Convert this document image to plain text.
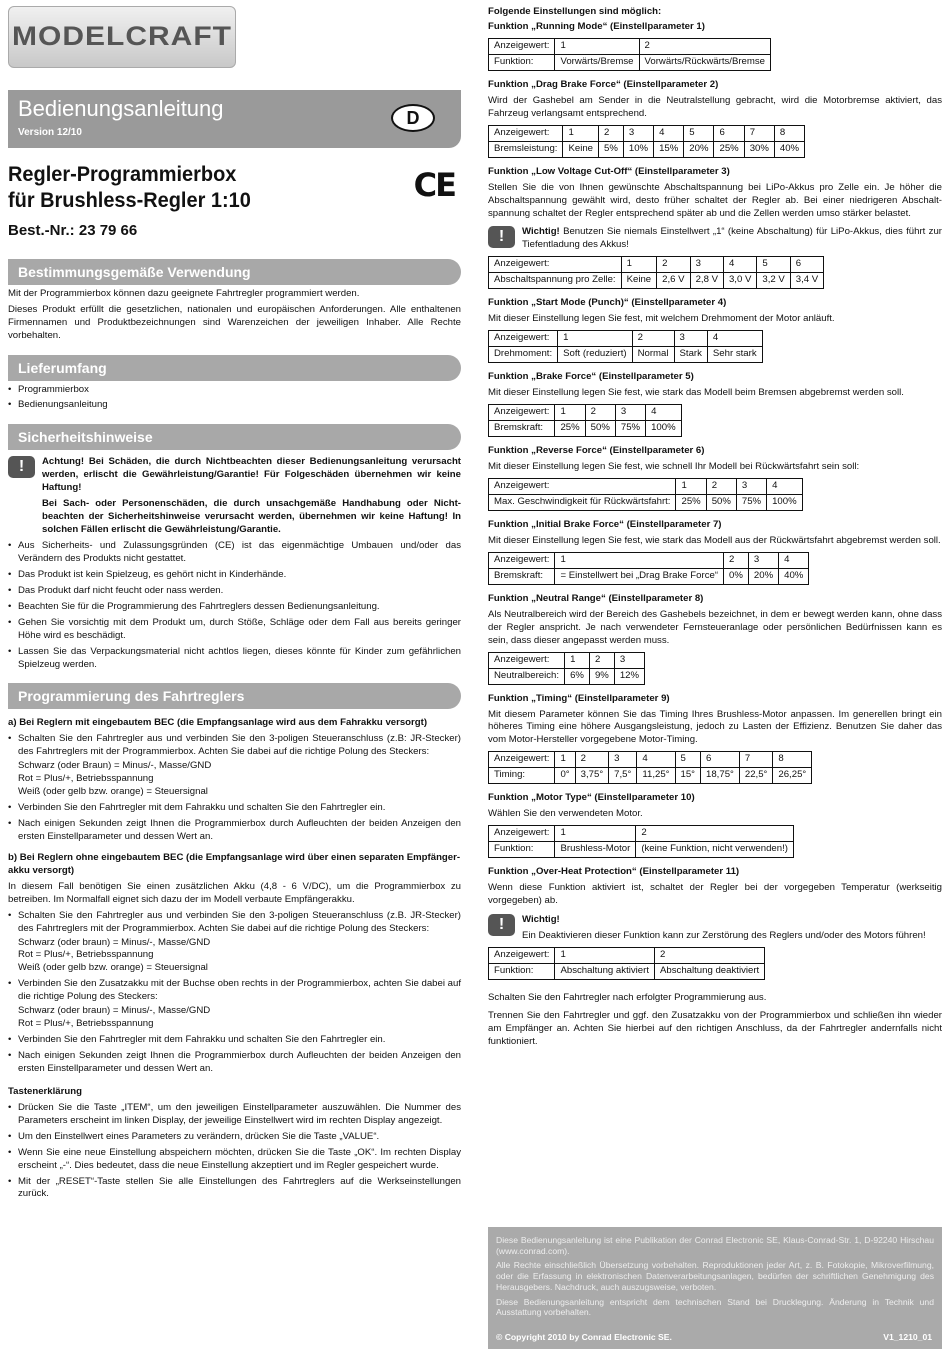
MODELCRAFT
Bedienungsanleitung
Version 12/10
D
Regler-Programmierbox
für Brushless-Regler 1:10
Best.-Nr.: 23 79 66
CE
Bestimmungsgemäße Verwendung

Mit der Programmierbox können dazu geeignete Fahrtregler programmiert werden.

Dieses Produkt erfüllt die gesetzlichen, nationalen und europäischen Anforderungen. Alle enthaltenen Firmennamen und Produktbezeichnungen sind Warenzeichen der jeweiligen Inhaber. Alle Rechte vorbehalten.

Lieferumfang
• Programmierbox
• Bedienungsanleitung
Sicherheitshinweise
!	Achtung! Bei Schäden, die durch Nichtbeachten dieser Bedienungsanleitung verursacht werden, erlischt die Gewährleistung/Garantie! Für Folgeschäden übernehmen wir keine Haftung!

Bei Sach- oder Personenschäden, die durch unsachgemäße Handhabung oder Nicht-beachten der Sicherheitshinweise verursacht werden, übernehmen wir keine Haftung! In solchen Fällen erlischt die Gewährleistung/Garantie.

• Aus Sicherheits- und Zulassungsgründen (CE) ist das eigenmächtige Umbauen und/oder das Verändern des Produkts nicht gestattet.
• Das Produkt ist kein Spielzeug, es gehört nicht in Kinderhände.
• Das Produkt darf nicht feucht oder nass werden.
• Beachten Sie für die Programmierung des Fahrtreglers dessen Bedienungsanleitung.
• Gehen Sie vorsichtig mit dem Produkt um, durch Stöße, Schläge oder dem Fall aus bereits geringer Höhe wird es beschädigt.
• Lassen Sie das Verpackungsmaterial nicht achtlos liegen, dieses könnte für Kinder zum gefährlichen Spielzeug werden.
Programmierung des Fahrtreglers
a) Bei Reglern mit eingebautem BEC (die Empfangsanlage wird aus dem Fahrakku versorgt)
• Schalten Sie den Fahrtregler aus und verbinden Sie den 3-poligen Steueranschluss (z.B: JR-Stecker) des Fahrtreglers mit der Programmierbox. Achten Sie dabei auf die richtige Polung des Steckers:
Schwarz (oder Braun) = Minus/-, Masse/GND
Rot = Plus/+, Betriebsspannung
Weiß (oder gelb bzw. orange) = Steuersignal
• Verbinden Sie den Fahrtregler mit dem Fahrakku und schalten Sie den Fahrtregler ein.
• Nach einigen Sekunden zeigt Ihnen die Programmierbox durch Aufleuchten der beiden Anzeigen den ersten Einstellparameter und dessen Wert an.
b) Bei Reglern ohne eingebautem BEC (die Empfangsanlage wird über einen separaten Empfänger-akku versorgt)

In diesem Fall benötigen Sie einen zusätzlichen Akku (4,8 - 6 V/DC), um die Programmierbox zu betreiben. Im Normalfall eignet sich dazu der im Modell verbaute Empfängerakku.

• Schalten Sie den Fahrtregler aus und verbinden Sie den 3-poligen Steueranschluss (z.B. JR-Stecker) des Fahrtreglers mit der Programmierbox. Achten Sie dabei auf die richtige Polung des Steckers:
Schwarz (oder braun) = Minus/-, Masse/GND
Rot = Plus/+, Betriebsspannung
Weiß (oder gelb bzw. orange) = Steuersignal
• Verbinden Sie den Zusatzakku mit der Buchse oben rechts in der Programmierbox, achten Sie dabei auf die richtige Polung des Steckers:
Schwarz (oder braun) = Minus/-, Masse/GND
Rot = Plus/+, Betriebsspannung
• Verbinden Sie den Fahrtregler mit dem Fahrakku und schalten Sie den Fahrtregler ein.
• Nach einigen Sekunden zeigt Ihnen die Programmierbox durch Aufleuchten der beiden Anzeigen den ersten Einstellparameter und dessen Wert an.
Tastenerklärung
• Drücken Sie die Taste „ITEM“, um den jeweiligen Einstellparameter auszuwählen. Die Nummer des Parameters erscheint im linken Display, der jeweilige Einstellwert wird im rechten Display angezeigt.
• Um den Einstellwert eines Parameters zu verändern, drücken Sie die Taste „VALUE“.
• Wenn Sie eine neue Einstellung abspeichern möchten, drücken Sie die Taste „OK“. Im rechten Display erscheint „-“. Dies bedeutet, dass die neue Einstellung akzeptiert und im Regler gespeichert wurde.
• Mit der „RESET“-Taste stellen Sie alle Einstellungen des Fahrtreglers auf die Werkseinstellungen zurück.
Folgende Einstellungen sind möglich:
Funktion „Running Mode“ (Einstellparameter 1)
Anzeigewert:	1	2
Funktion:	Vorwärts/Bremse	Vorwärts/Rückwärts/Bremse
Funktion „Drag Brake Force“ (Einstellparameter 2)

Wird der Gashebel am Sender in die Neutralstellung gebracht, wird die Motorbremse aktiviert, das Fahrzeug verlangsamt entsprechend.

Anzeigewert:	1	2	3	4	5	6	7	8
Bremsleistung:	Keine	5%	10%	15%	20%	25%	30%	40%
Funktion „Low Voltage Cut-Off“ (Einstellparameter 3)

Stellen Sie die von Ihnen gewünschte Abschaltspannung bei LiPo-Akkus pro Zelle ein. Je höher die Abschaltspannung gewählt wird, desto früher schaltet der Regler ab. Bei einer niedrigeren Abschalt-spannung schaltet der Regler entsprechend später ab und die Zellen werden umso stärker belastet.

!	Wichtig! Benutzen Sie niemals Einstellwert „1“ (keine Abschaltung) für LiPo-Akkus, dies führt zur Tiefentladung des Akkus!

Anzeigewert:	1	2	3	4	5	6
Abschaltspannung pro Zelle:	Keine	2,6 V	2,8 V	3,0 V	3,2 V	3,4 V
Funktion „Start Mode (Punch)“ (Einstellparameter 4)

Mit dieser Einstellung legen Sie fest, mit welchem Drehmoment der Motor anläuft.

Anzeigewert:	1	2	3	4
Drehmoment:	Soft (reduziert)	Normal	Stark	Sehr stark
Funktion „Brake Force“ (Einstellparameter 5)

Mit dieser Einstellung legen Sie fest, wie stark das Modell beim Bremsen abgebremst werden soll.

Anzeigewert:	1	2	3	4
Bremskraft:	25%	50%	75%	100%
Funktion „Reverse Force“ (Einstellparameter 6)

Mit dieser Einstellung legen Sie fest, wie schnell Ihr Modell bei Rückwärtsfahrt sein soll:

Anzeigewert:	1	2	3	4
Max. Geschwindigkeit für Rückwärtsfahrt:	25%	50%	75%	100%
Funktion „Initial Brake Force“ (Einstellparameter 7)

Mit dieser Einstellung legen Sie fest, wie stark das Modell aus der Rückwärtsfahrt abgebremst werden soll.

Anzeigewert:	1	2	3	4
Bremskraft:	= Einstellwert bei „Drag Brake Force“	0%	20%	40%
Funktion „Neutral Range“ (Einstellparameter 8)

Als Neutralbereich wird der Bereich des Gashebels bezeichnet, in dem er bewegt werden kann, ohne dass der Regler anspricht. Je nach verwendeter Fernsteueranlage oder persönlichen Bedürfnissen kann es sein, dass dieser angepasst werden muss.

Anzeigewert:	1	2	3
Neutralbereich:	6%	9%	12%
Funktion „Timing“ (Einstellparameter 9)

Mit diesem Parameter können Sie das Timing Ihres Brushless-Motor anpassen. Im generellen bringt ein höheres Timing eine höhere Ausgangsleistung, jedoch zu Lasten der Effizienz. Benutzen Sie daher das vom Motor-Hersteller vorgegebene Motor-Timing.

Anzeigewert:	1	2	3	4	5	6	7	8
Timing:	0°	3,75°	7,5°	11,25°	15°	18,75°	22,5°	26,25°
Funktion „Motor Type“ (Einstellparameter 10)

Wählen Sie den verwendeten Motor.

Anzeigewert:	1	2
Funktion:	Brushless-Motor	(keine Funktion, nicht verwenden!)
Funktion „Over-Heat Protection“ (Einstellparameter 11)

Wenn diese Funktion aktiviert ist, schaltet der Regler bei der vorgegeben Temperatur (werkseitig vorgegeben) ab.

!	Wichtig!

Ein Deaktivieren dieser Funktion kann zur Zerstörung des Reglers und/oder des Motors führen!

Anzeigewert:	1	2
Funktion:	Abschaltung aktiviert	Abschaltung deaktiviert

Schalten Sie den Fahrtregler nach erfolgter Programmierung aus.

Trennen Sie den Fahrtregler und ggf. den Zusatzakku von der Programmierbox und schließen ihn wieder am Empfänger an. Achten Sie hierbei auf den richtigen Anschluss, da der Fahrtregler andernfalls nicht funktioniert.

Diese Bedienungsanleitung ist eine Publikation der Conrad Electronic SE, Klaus-Conrad-Str. 1, D-92240 Hirschau (www.conrad.com).

Alle Rechte einschließlich Übersetzung vorbehalten. Reproduktionen jeder Art, z. B. Fotokopie, Mikroverfilmung, oder die Erfassung in elektronischen Datenverarbeitungsanlagen, bedürfen der schriftlichen Genehmigung des Herausgebers. Nachdruck, auch auszugsweise, verboten.

Diese Bedienungsanleitung entspricht dem technischen Stand bei Drucklegung. Änderung in Technik und Ausstattung vorbehalten.

© Copyright 2010 by Conrad Electronic SE.	V1_1210_01
